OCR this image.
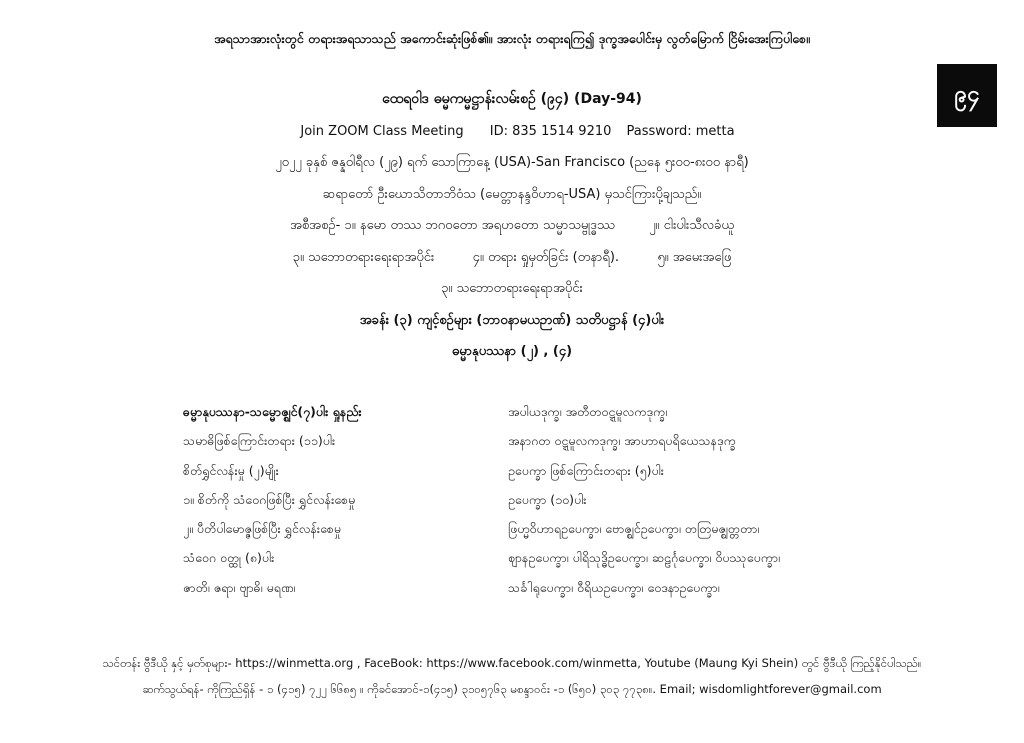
အရသာအားလုံးတွင် တရားအရသာသည် အကောင်းဆုံးဖြစ်၏။ အားလုံး တရားရကြ၍ ဒုက္ခအပေါင်းမှ လွတ်မြောက် ငြိမ်းအေးကြပါစေ။
၉၄
ထေရဝါဒ ဓမ္မကမ္မဋ္ဌာန်းလမ်းစဉ် (၉၄) (Day-94)
Join ZOOM Class Meeting ID: 835 1514 9210 Password: metta
၂၀၂၂ ခုနှစ် ဇန္နဝါရီလ (၂၉) ရက် သောကြာနေ့ (USA)-San Francisco (ညနေ ၅း၀၀-၈း၀၀ နာရီ)
ဆရာတော် ဦးဃောသိတာဘိဝံသ (မေတ္တာနန္ဒဝိဟာရ-USA) မှသင်ကြားပို့ချသည်။
အစီအစဉ်- ၁။ နမော တဿ ဘဂဝတော အရဟတော သမ္မာသမ္ဗုဒ္ဓဿ	၂။ ငါးပါးသီလခံယူ
၃။ သဘောတရားရေးရာအပိုင်း	၄။ တရား ရှုမှတ်ခြင်း (တနာရီ).	၅။ အမေးအဖြေ
၃။ သဘောတရားရေးရာအပိုင်း
အခန်း (၃) ကျင့်စဉ်များ (ဘာဝနာမယဉာဏ်) သတိပဋ္ဌာန် (၄)ပါး
ဓမ္မာနုပဿနာ (၂) , (၄)
ဓမ္မာနုပဿနာ-သမ္မောဇ္ဈင်(၇)ပါး ရှုနည်း	အပါယဒုက္ခ၊ အတီတဝဋ္ဋမူလကဒုက္ခ၊
သမာဓိဖြစ်ကြောင်းတရား (၁၁)ပါး	အနာဂတ ဝဋ္ဋမူလကဒုက္ခ၊ အာဟာရပရိယေသနဒုက္ခ
စိတ်ရွှင်လန်းမှု (၂)မျိုး	ဥပေက္ခာ ဖြစ်ကြောင်းတရား (၅)ပါး
၁။ စိတ်ကို သံဝေဂဖြစ်ပြီး ရွှင်လန်းစေမှု	ဥပေက္ခာ (၁၀)ပါး
၂။ ပီတိပါမောဇ္ဇဖြစ်ပြီး ရွှင်လန်းစေမှု	ဖြဟ္မဝိဟာရဥပေက္ခာ၊ ဗောဇ္ဈင်ဥပေက္ခာ၊ တတြမဇ္ဈတ္တတာ၊
သံဝေဂ ဝတ္ထု (၈)ပါး	ဈာနဥပေက္ခာ၊ ပါရိသုဒ္ဓိဥပေက္ခာ၊ ဆဠင်္ဂုပေက္ခာ၊ ဝိပဿုပေက္ခာ၊
ဇာတိ၊ ဇရာ၊ ဗျာဓိ၊ မရဏ၊	သင်္ခါရုပေက္ခာ၊ ဝီရိယဥပေက္ခာ၊ ဝေဒနာဥပေက္ခာ၊
သင်တန်း ဗွီဒီယို နှင့် မှတ်စုများ- https://winmetta.org , FaceBook: https://www.facebook.com/winmetta, Youtube (Maung Kyi Shein) တွင် ဗွီဒီယို ကြည့်နိုင်ပါသည်။
ဆက်သွယ်ရန်- ကိုကြည်ရှိန် - ၁ (၄၁၅) ၇၂၂ ၆၆၈၅ ။ ကိုခင်အောင်-၁(၄၁၅) ၃၁၀၅၇၆၃ မစန္ဒာဝင်း -၁ (၆၅၀) ၃၀၃ ၇၇၃၈။. Email; wisdomlightforever@gmail.com
